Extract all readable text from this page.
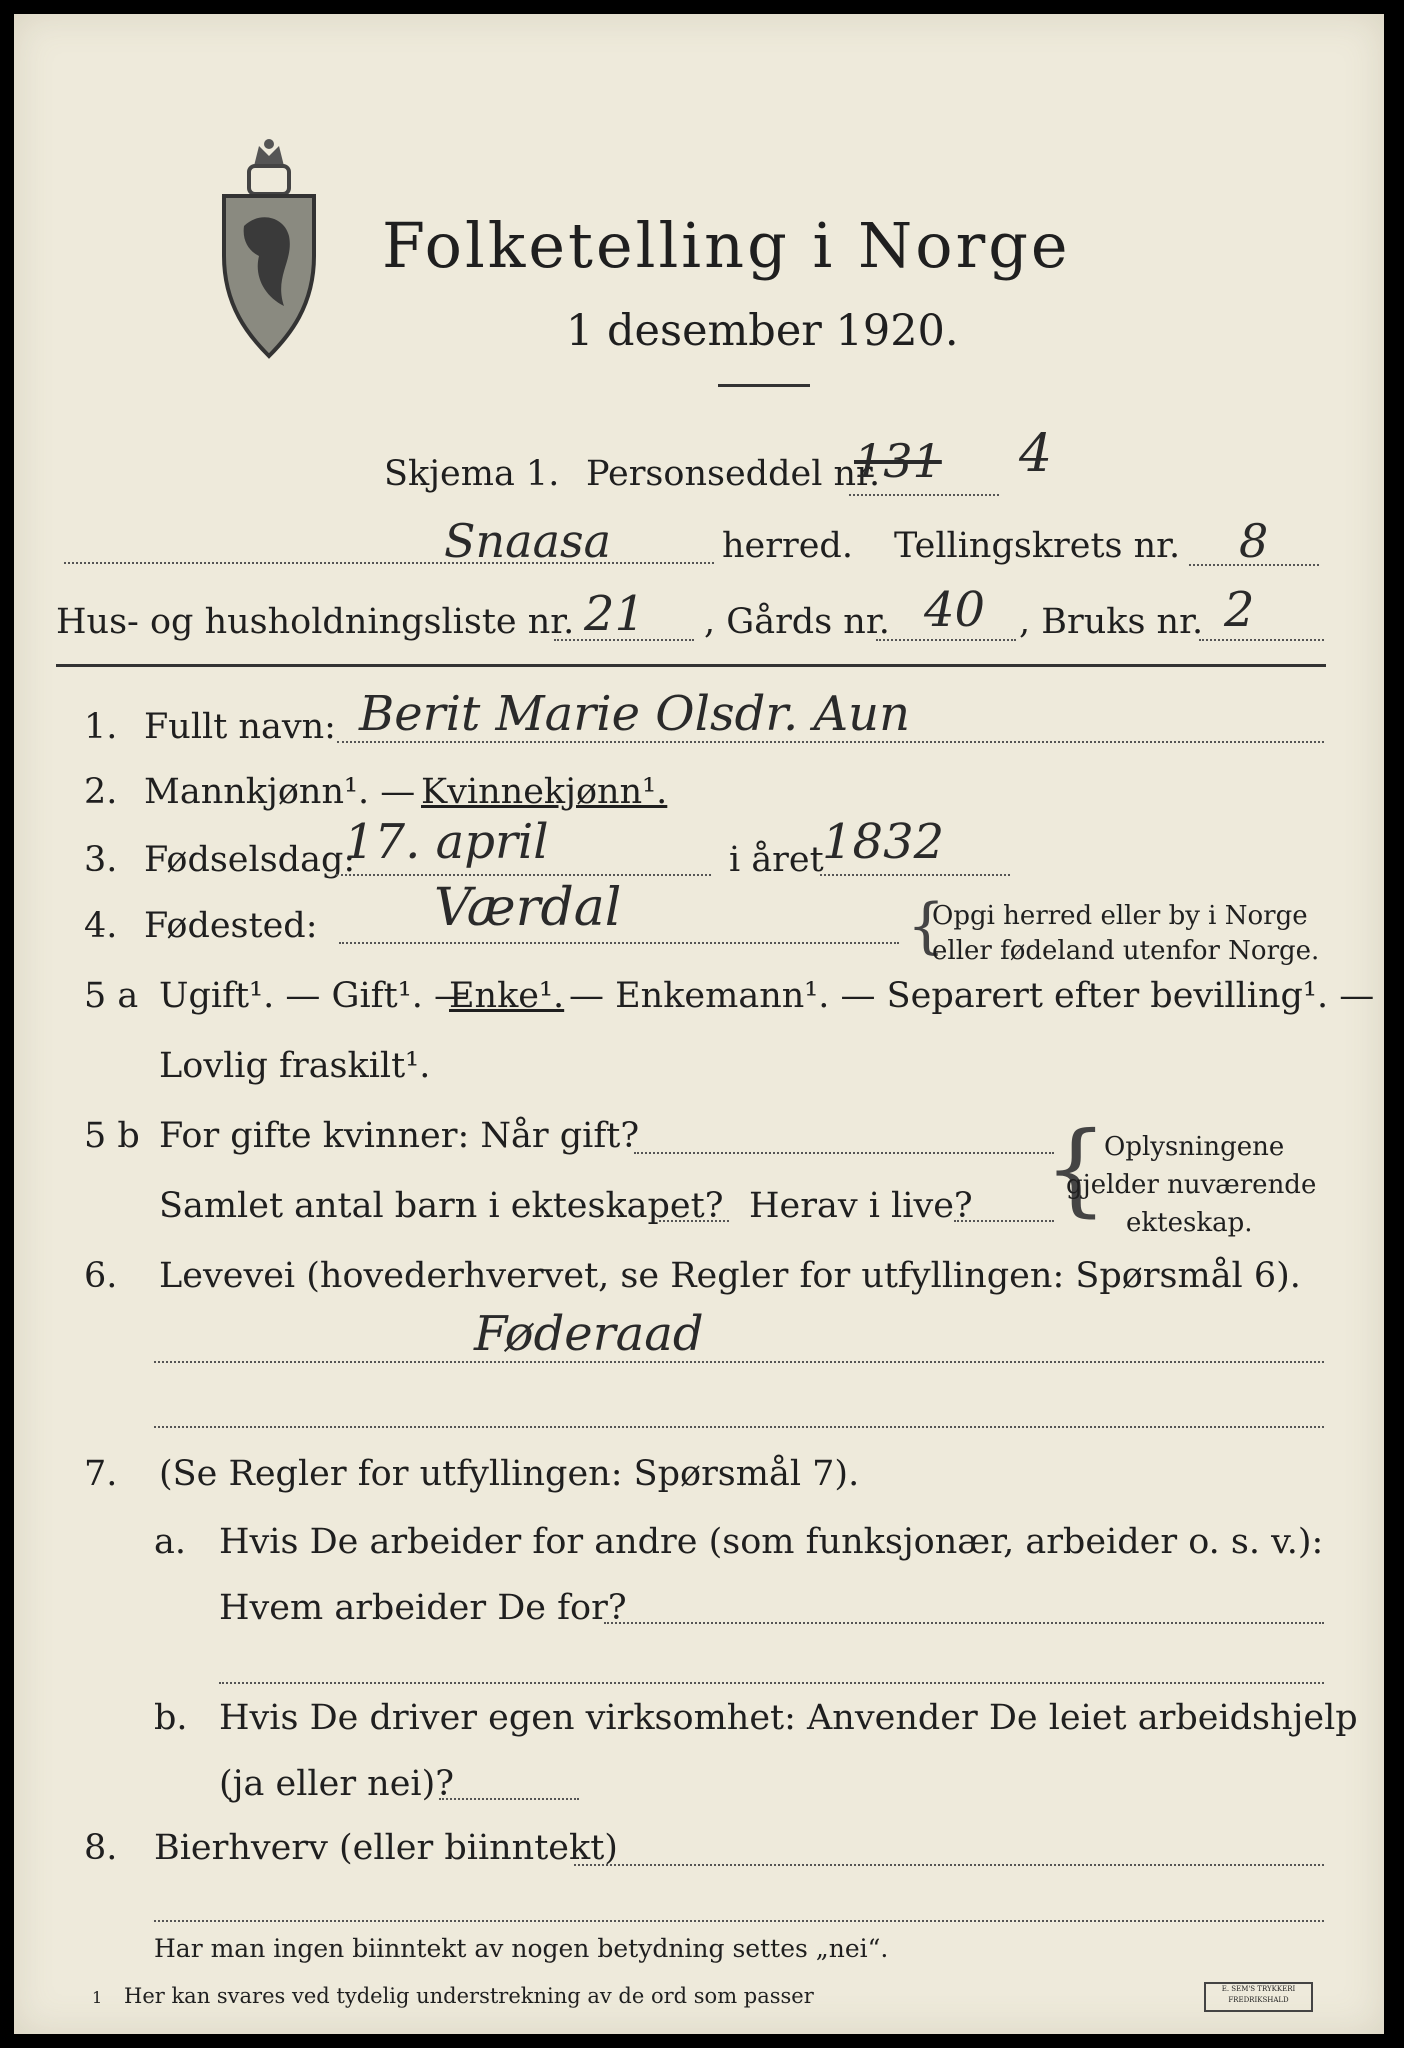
Folketelling i Norge
1 desember 1920.
Skjema 1. Personseddel nr.
131 4
Snaasa	herred. Tellingskrets nr. 8
Hus- og husholdningsliste nr. 21 , Gårds nr. 40 , Bruks nr. 2
1. Fullt navn: Berit Marie Olsdr. Aun
2. Mannkjønn¹. — Kvinnekjønn¹.
3. Fødselsdag:
17. april	i året
1832
4. Fødested: Værdal	{
Opgi herred eller by i Norge
eller fødeland utenfor Norge.
5 a Ugift¹. — Gift¹. —
Enke¹. — Enkemann¹. — Separert efter bevilling¹. —
Lovlig fraskilt¹.
5 b For gifte kvinner: Når gift?
Samlet antal barn i ekteskapet? Herav i live? {
Oplysningene
gjelder nuværende
ekteskap.
6. Levevei (hovederhvervet, se Regler for utfyllingen: Spørsmål 6).
Føderaad
7. (Se Regler for utfyllingen: Spørsmål 7).
a. Hvis De arbeider for andre (som funksjonær, arbeider o. s. v.):
Hvem arbeider De for?
b. Hvis De driver egen virksomhet: Anvender De leiet arbeidshjelp
(ja eller nei)?
8. Bierhverv (eller biinntekt)
Har man ingen biinntekt av nogen betydning settes „nei“.
1 Her kan svares ved tydelig understrekning av de ord som passer	E. SEM'S TRYKKERI
FREDRIKSHALD
